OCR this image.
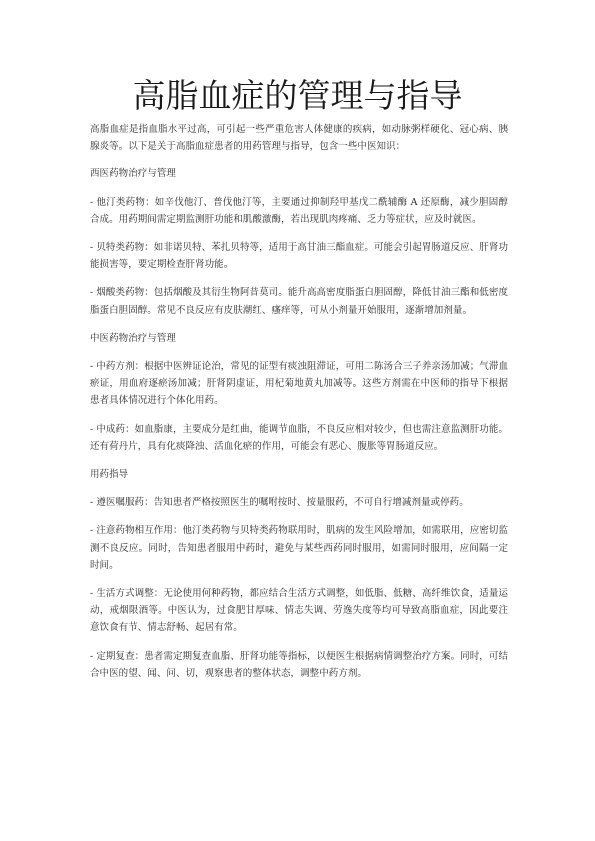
高脂血症的管理与指导

高脂血症是指血脂水平过高，可引起一些严重危害人体健康的疾病，如动脉粥样硬化、冠心病、胰腺炎等。以下是关于高脂血症患者的用药管理与指导，包含一些中医知识：

西医药物治疗与管理

- 他汀类药物：如辛伐他汀、普伐他汀等，主要通过抑制羟甲基戊二酰辅酶 A 还原酶，减少胆固醇合成。用药期间需定期监测肝功能和肌酸激酶，若出现肌肉疼痛、乏力等症状，应及时就医。

- 贝特类药物：如非诺贝特、苯扎贝特等，适用于高甘油三酯血症。可能会引起胃肠道反应、肝肾功能损害等，要定期检查肝肾功能。

- 烟酸类药物：包括烟酸及其衍生物阿昔莫司。能升高高密度脂蛋白胆固醇，降低甘油三酯和低密度脂蛋白胆固醇。常见不良反应有皮肤潮红、瘙痒等，可从小剂量开始服用，逐渐增加剂量。

中医药物治疗与管理

- 中药方剂：根据中医辨证论治，常见的证型有痰浊阻滞证，可用二陈汤合三子养亲汤加减；气滞血瘀证，用血府逐瘀汤加减；肝肾阴虚证，用杞菊地黄丸加减等。这些方剂需在中医师的指导下根据患者具体情况进行个体化用药。

- 中成药：如血脂康，主要成分是红曲，能调节血脂，不良反应相对较少，但也需注意监测肝功能。还有荷丹片，具有化痰降浊、活血化瘀的作用，可能会有恶心、腹胀等胃肠道反应。

用药指导

- 遵医嘱服药：告知患者严格按照医生的嘱咐按时、按量服药，不可自行增减剂量或停药。

- 注意药物相互作用：他汀类药物与贝特类药物联用时，肌病的发生风险增加，如需联用，应密切监测不良反应。同时，告知患者服用中药时，避免与某些西药同时服用，如需同时服用，应间隔一定时间。

- 生活方式调整：无论使用何种药物，都应结合生活方式调整，如低脂、低糖、高纤维饮食，适量运动，戒烟限酒等。中医认为，过食肥甘厚味、情志失调、劳逸失度等均可导致高脂血症，因此要注意饮食有节、情志舒畅、起居有常。

- 定期复查：患者需定期复查血脂、肝肾功能等指标，以便医生根据病情调整治疗方案。同时，可结合中医的望、闻、问、切，观察患者的整体状态，调整中药方剂。
